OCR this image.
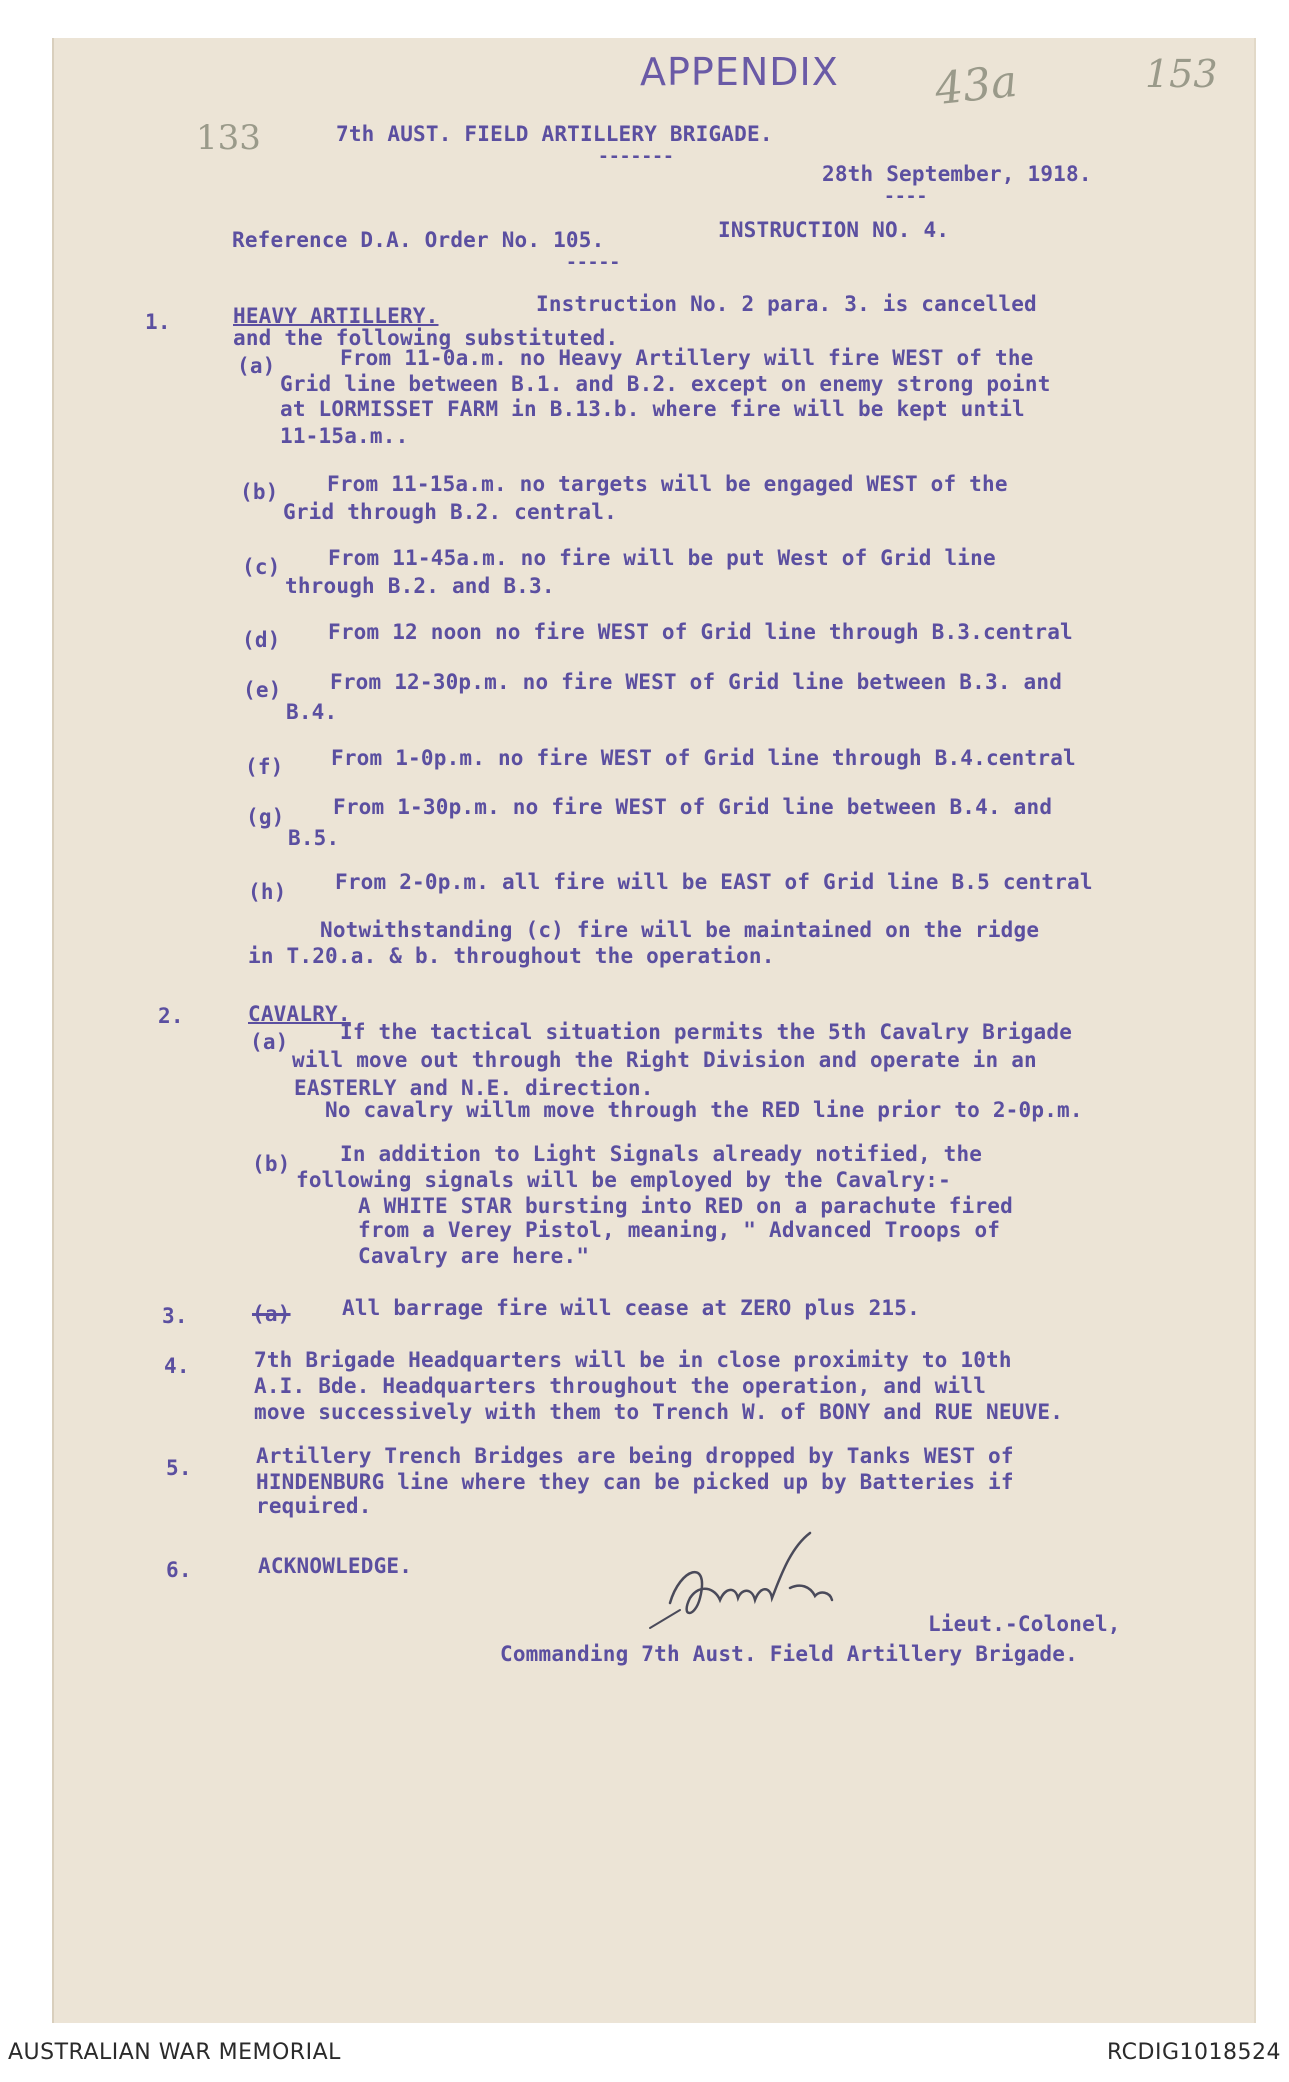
APPENDIX
133
43a	153
7th AUST. FIELD ARTILLERY BRIGADE.
-------
28th September, 1918.
----
Reference D.A. Order No. 105.	INSTRUCTION NO. 4.
-----
1.	HEAVY ARTILLERY.	Instruction No. 2 para. 3. is cancelled
and the following substituted.
(a)	From 11-0a.m. no Heavy Artillery will fire WEST of the
Grid line between B.1. and B.2. except on enemy strong point
at LORMISSET FARM in B.13.b. where fire will be kept until
11-15a.m..
(b) From 11-15a.m. no targets will be engaged WEST of the
Grid through B.2. central.
(c) From 11-45a.m. no fire will be put West of Grid line
through B.2. and B.3.
(d) From 12 noon no fire WEST of Grid line through B.3.central
(e) From 12-30p.m. no fire WEST of Grid line between B.3. and
B.4.
(f) From 1-0p.m. no fire WEST of Grid line through B.4.central
(g) From 1-30p.m. no fire WEST of Grid line between B.4. and
B.5.
(h) From 2-0p.m. all fire will be EAST of Grid line B.5 central
Notwithstanding (c) fire will be maintained on the ridge
in T.20.a. & b. throughout the operation.
2.	CAVALRY.
(a) If the tactical situation permits the 5th Cavalry Brigade
will move out through the Right Division and operate in an
EASTERLY and N.E. direction.
No cavalry willm move through the RED line prior to 2-0p.m.
(b) In addition to Light Signals already notified, the
following signals will be employed by the Cavalry:-
A WHITE STAR bursting into RED on a parachute fired
from a Verey Pistol, meaning, " Advanced Troops of
Cavalry are here."
3.	(a) All barrage fire will cease at ZERO plus 215.
4.	7th Brigade Headquarters will be in close proximity to 10th
A.I. Bde. Headquarters throughout the operation, and will
move successively with them to Trench W. of BONY and RUE NEUVE.
5.	Artillery Trench Bridges are being dropped by Tanks WEST of
HINDENBURG line where they can be picked up by Batteries if
required.
6.	ACKNOWLEDGE.
Lieut.-Colonel,
Commanding 7th Aust. Field Artillery Brigade.
AUSTRALIAN WAR MEMORIAL	RCDIG1018524
